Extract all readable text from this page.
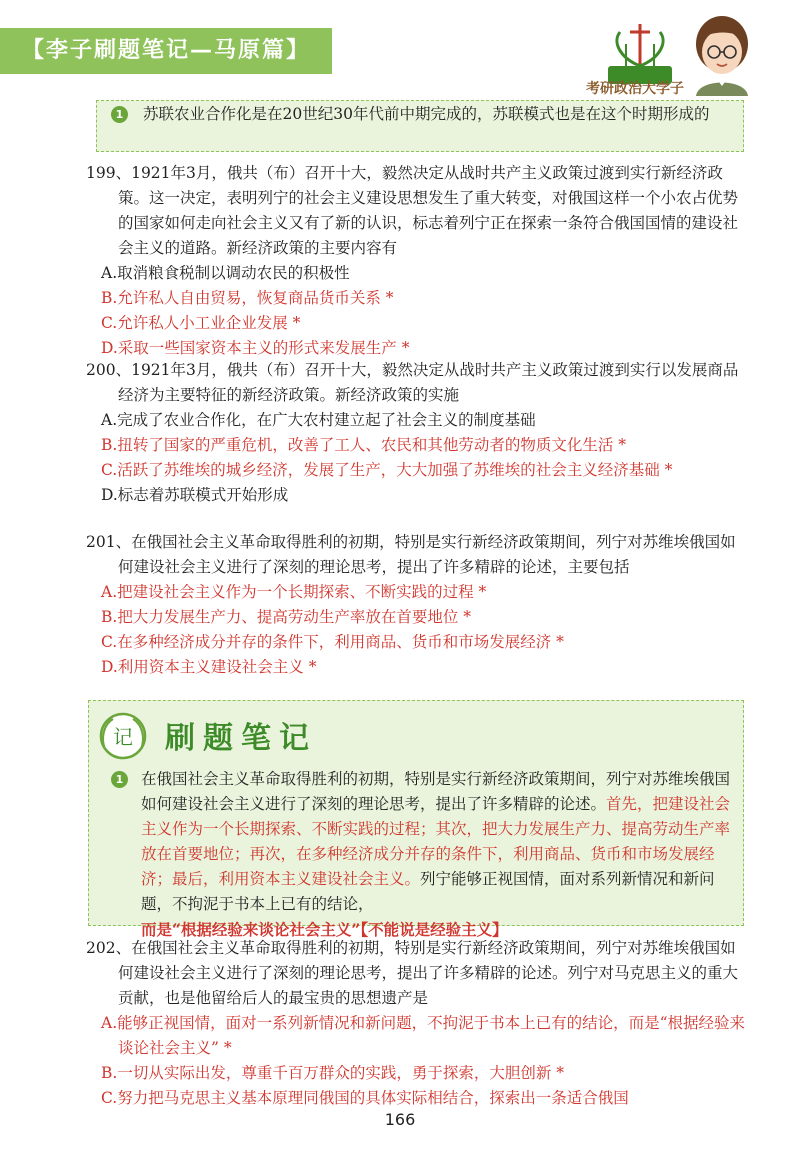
【李子刷题笔记—马原篇】
考研政治大学子
1	苏联农业合作化是在20世纪30年代前中期完成的，苏联模式也是在这个时期形成的
199、1921年3月，俄共（布）召开十大，毅然决定从战时共产主义政策过渡到实行新经济政策。这一决定，表明列宁的社会主义建设思想发生了重大转变，对俄国这样一个小农占优势的国家如何走向社会主义又有了新的认识，标志着列宁正在探索一条符合俄国国情的建设社会主义的道路。新经济政策的主要内容有
A.取消粮食税制以调动农民的积极性
B.允许私人自由贸易，恢复商品货币关系 *
C.允许私人小工业企业发展 *
D.采取一些国家资本主义的形式来发展生产 *
200、1921年3月，俄共（布）召开十大，毅然决定从战时共产主义政策过渡到实行以发展商品经济为主要特征的新经济政策。新经济政策的实施
A.完成了农业合作化，在广大农村建立起了社会主义的制度基础
B.扭转了国家的严重危机，改善了工人、农民和其他劳动者的物质文化生活 *
C.活跃了苏维埃的城乡经济，发展了生产，大大加强了苏维埃的社会主义经济基础 *
D.标志着苏联模式开始形成
201、在俄国社会主义革命取得胜利的初期，特别是实行新经济政策期间，列宁对苏维埃俄国如何建设社会主义进行了深刻的理论思考，提出了许多精辟的论述，主要包括
A.把建设社会主义作为一个长期探索、不断实践的过程 *
B.把大力发展生产力、提高劳动生产率放在首要地位 *
C.在多种经济成分并存的条件下，利用商品、货币和市场发展经济 *
D.利用资本主义建设社会主义 *
记 刷题笔记
1	在俄国社会主义革命取得胜利的初期，特别是实行新经济政策期间，列宁对苏维埃俄国如何建设社会主义进行了深刻的理论思考，提出了许多精辟的论述。首先，把建设社会主义作为一个长期探索、不断实践的过程；其次，把大力发展生产力、提高劳动生产率放在首要地位；再次，在多种经济成分并存的条件下，利用商品、货币和市场发展经济；最后，利用资本主义建设社会主义。列宁能够正视国情，面对系列新情况和新问题，不拘泥于书本上已有的结论，而是“根据经验来谈论社会主义”【不能说是经验主义】
202、在俄国社会主义革命取得胜利的初期，特别是实行新经济政策期间，列宁对苏维埃俄国如何建设社会主义进行了深刻的理论思考，提出了许多精辟的论述。列宁对马克思主义的重大贡献，也是他留给后人的最宝贵的思想遗产是
A.能够正视国情，面对一系列新情况和新问题，不拘泥于书本上已有的结论，而是“根据经验来谈论社会主义” *
B.一切从实际出发，尊重千百万群众的实践，勇于探索，大胆创新 *
C.努力把马克思主义基本原理同俄国的具体实际相结合，探索出一条适合俄国
166
